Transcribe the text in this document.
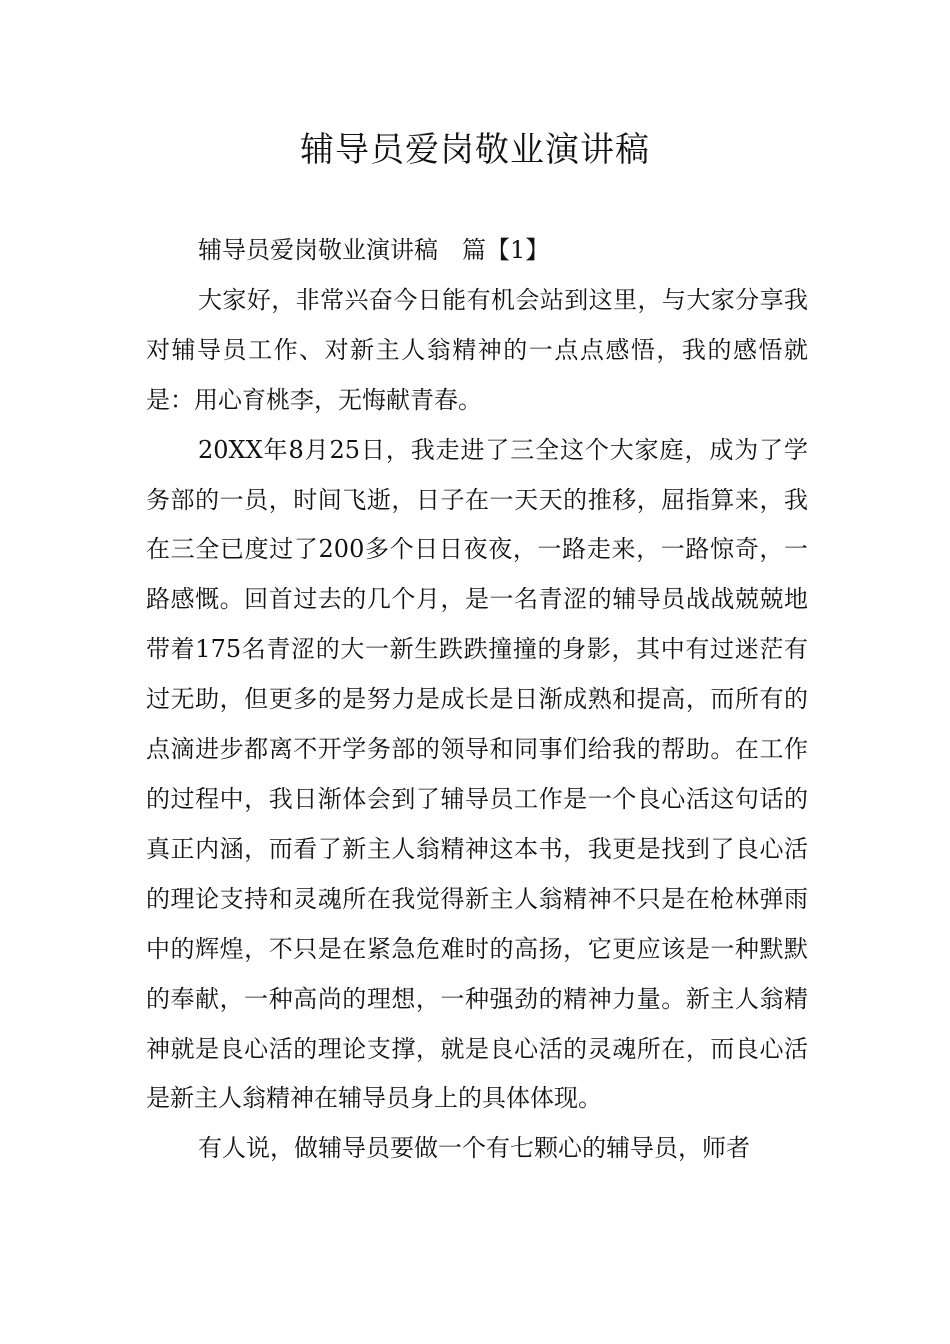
辅导员爱岗敬业演讲稿

辅导员爱岗敬业演讲稿　篇【1】

大家好，非常兴奋今日能有机会站到这里，与大家分享我对辅导员工作、对新主人翁精神的一点点感悟，我的感悟就是：用心育桃李，无悔献青春。

20XX年8月25日，我走进了三全这个大家庭，成为了学务部的一员，时间飞逝，日子在一天天的推移，屈指算来，我在三全已度过了200多个日日夜夜，一路走来，一路惊奇，一路感慨。回首过去的几个月，是一名青涩的辅导员战战兢兢地带着175名青涩的大一新生跌跌撞撞的身影，其中有过迷茫有过无助，但更多的是努力是成长是日渐成熟和提高，而所有的点滴进步都离不开学务部的领导和同事们给我的帮助。在工作的过程中，我日渐体会到了辅导员工作是一个良心活这句话的真正内涵，而看了新主人翁精神这本书，我更是找到了良心活的理论支持和灵魂所在我觉得新主人翁精神不只是在枪林弹雨中的辉煌，不只是在紧急危难时的高扬，它更应该是一种默默的奉献，一种高尚的理想，一种强劲的精神力量。新主人翁精神就是良心活的理论支撑，就是良心活的灵魂所在，而良心活是新主人翁精神在辅导员身上的具体体现。

有人说，做辅导员要做一个有七颗心的辅导员，师者
